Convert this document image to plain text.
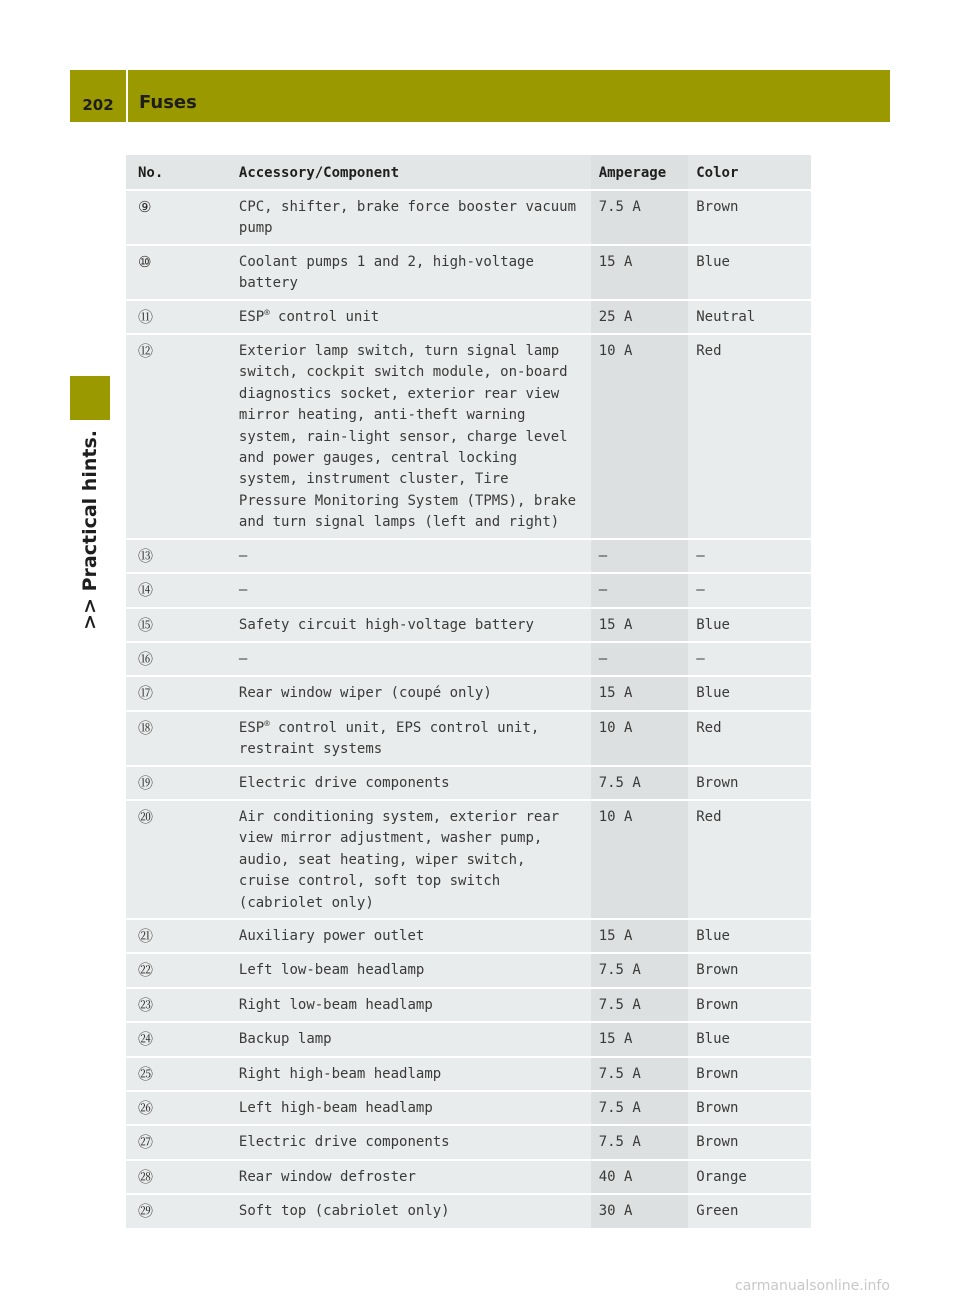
202	Fuses
>> Practical hints.
No.	Accessory/Component	Amperage	Color
⑨	CPC, shifter, brake force booster vacuum pump	7.5 A	Brown
⑩	Coolant pumps 1 and 2, high-voltage battery	15 A	Blue
⑪	ESP® control unit	25 A	Neutral
⑫	Exterior lamp switch, turn signal lamp switch, cockpit switch module, on-board diagnostics socket, exterior rear view mirror heating, anti-theft warning system, rain-light sensor, charge level and power gauges, central locking system, instrument cluster, Tire Pressure Monitoring System (TPMS), brake and turn signal lamps (left and right)	10 A	Red
⑬	—	—	—
⑭	—	—	—
⑮	Safety circuit high-voltage battery	15 A	Blue
⑯	—	—	—
⑰	Rear window wiper (coupé only)	15 A	Blue
⑱	ESP® control unit, EPS control unit, restraint systems	10 A	Red
⑲	Electric drive components	7.5 A	Brown
⑳	Air conditioning system, exterior rear view mirror adjustment, washer pump, audio, seat heating, wiper switch, cruise control, soft top switch (cabriolet only)	10 A	Red
㉑	Auxiliary power outlet	15 A	Blue
㉒	Left low-beam headlamp	7.5 A	Brown
㉓	Right low-beam headlamp	7.5 A	Brown
㉔	Backup lamp	15 A	Blue
㉕	Right high-beam headlamp	7.5 A	Brown
㉖	Left high-beam headlamp	7.5 A	Brown
㉗	Electric drive components	7.5 A	Brown
㉘	Rear window defroster	40 A	Orange
㉙	Soft top (cabriolet only)	30 A	Green
carmanualsonline.info
